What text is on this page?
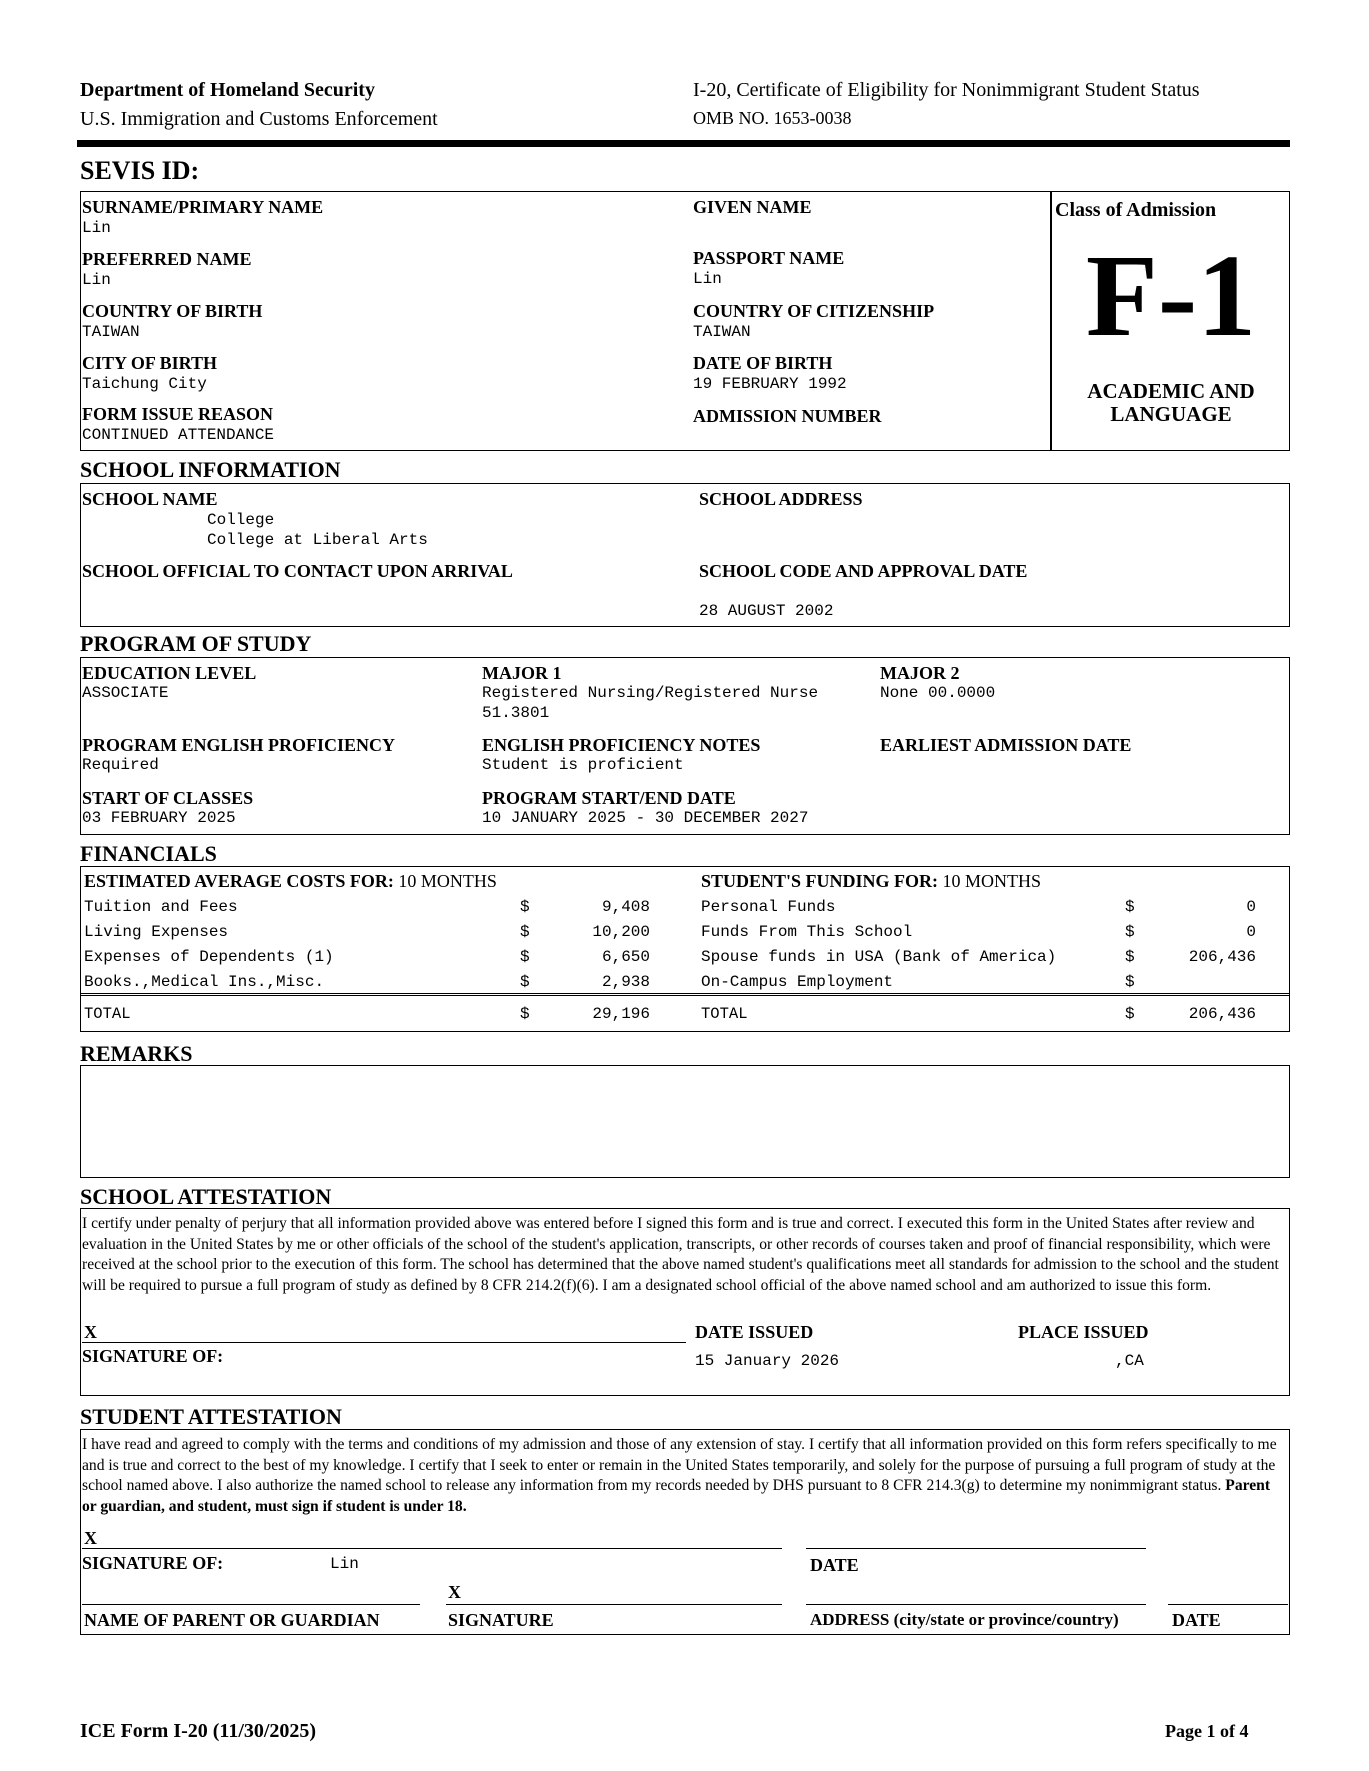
Department of Homeland Security
U.S. Immigration and Customs Enforcement
I-20, Certificate of Eligibility for Nonimmigrant Student Status
OMB NO. 1653-0038
SEVIS ID:
SURNAME/PRIMARY NAME
Lin
GIVEN NAME
PREFERRED NAME
Lin
PASSPORT NAME
Lin
COUNTRY OF BIRTH
TAIWAN
COUNTRY OF CITIZENSHIP
TAIWAN
CITY OF BIRTH
Taichung City
DATE OF BIRTH
19 FEBRUARY 1992
FORM ISSUE REASON
CONTINUED ATTENDANCE
ADMISSION NUMBER
Class of Admission
F-1
ACADEMIC AND
LANGUAGE
SCHOOL INFORMATION
SCHOOL NAME
College
College at Liberal Arts
SCHOOL ADDRESS
SCHOOL OFFICIAL TO CONTACT UPON ARRIVAL	SCHOOL CODE AND APPROVAL DATE
28 AUGUST 2002
PROGRAM OF STUDY
EDUCATION LEVEL
ASSOCIATE
MAJOR 1
Registered Nursing/Registered Nurse
51.3801
MAJOR 2
None 00.0000
PROGRAM ENGLISH PROFICIENCY
Required
ENGLISH PROFICIENCY NOTES
Student is proficient
EARLIEST ADMISSION DATE
START OF CLASSES
03 FEBRUARY 2025
PROGRAM START/END DATE
10 JANUARY 2025 - 30 DECEMBER 2027
FINANCIALS
ESTIMATED AVERAGE COSTS FOR: 10 MONTHS	STUDENT'S FUNDING FOR: 10 MONTHS
Tuition and Fees	$	9,408
Living Expenses	$	10,200
Expenses of Dependents (1)	$	6,650
Books.,Medical Ins.,Misc.	$	2,938
Personal Funds	$	0
Funds From This School	$	0
Spouse funds in USA (Bank of America)	$	206,436
On-Campus Employment	$
TOTAL	$	29,196	TOTAL	$	206,436
REMARKS
SCHOOL ATTESTATION
I certify under penalty of perjury that all information provided above was entered before I signed this form and is true and correct. I executed this form in the United States after review and evaluation in the United States by me or other officials of the school of the student's application, transcripts, or other records of courses taken and proof of financial responsibility, which were received at the school prior to the execution of this form. The school has determined that the above named student's qualifications meet all standards for admission to the school and the student will be required to pursue a full program of study as defined by 8 CFR 214.2(f)(6). I am a designated school official of the above named school and am authorized to issue this form.
X
SIGNATURE OF:
DATE ISSUED
15 January 2026
PLACE ISSUED
,CA
STUDENT ATTESTATION
I have read and agreed to comply with the terms and conditions of my admission and those of any extension of stay. I certify that all information provided on this form refers specifically to me and is true and correct to the best of my knowledge. I certify that I seek to enter or remain in the United States temporarily, and solely for the purpose of pursuing a full program of study at the school named above. I also authorize the named school to release any information from my records needed by DHS pursuant to 8 CFR 214.3(g) to determine my nonimmigrant status. Parent or guardian, and student, must sign if student is under 18.
X
SIGNATURE OF:	Lin	DATE
X
NAME OF PARENT OR GUARDIAN	SIGNATURE	ADDRESS (city/state or province/country)	DATE
ICE Form I-20 (11/30/2025)	Page 1 of 4
